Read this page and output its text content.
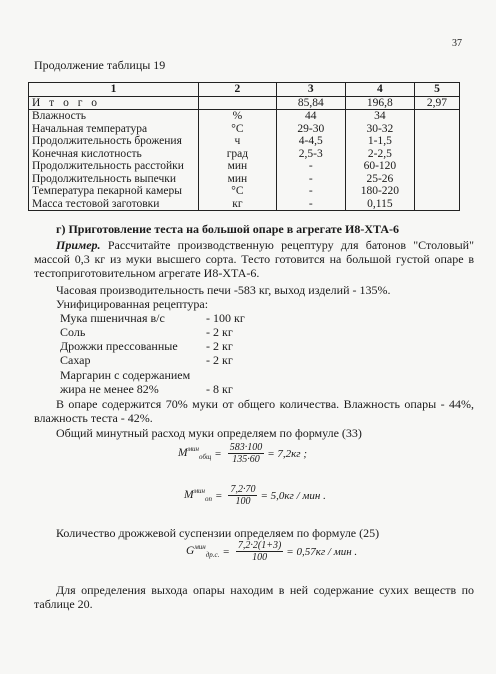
37
Продолжение таблицы 19
1	2	3	4	5
И т о г о		85,84	196,8	2,97
Влажность	%	44	34	
Начальная температура	°С	29-30	30-32	
Продолжительность брожения	ч	4-4,5	1-1,5	
Конечная кислотность	град	2,5-3	2-2,5	
Продолжительность расстойки	мин	-	60-120	
Продолжительность выпечки	мин	-	25-26	
Температура пекарной камеры	°С	-	180-220	
Масса тестовой заготовки	кг	-	0,115	
г) Приготовление теста на большой опаре в агрегате И8-ХТА-6
Пример. Рассчитайте производственную рецептуру для батонов "Столовый" массой 0,3 кг из муки высшего сорта. Тесто готовится на большой густой опаре в тестоприготовительном агрегате И8-ХТА-6.
Часовая производительность печи -583 кг, выход изделий - 135%.
Унифицированная рецептура:
Мука пшеничная в/с	- 100 кг
Соль	- 2 кг
Дрожжи прессованные - 2 кг
Сахар	- 2 кг
Маргарин с содержанием
жира не менее 82%	- 8 кг
В опаре содержится 70% муки от общего количества. Влажность опары - 44%, влажность теста - 42%.
Общий минутный расход муки определяем по формуле (33)
$M^{мин}_{общ} = \frac{583\cdot 100}{135\cdot 60} = 7,2кг$ ;
$M^{мин}_{оп} = \frac{7,2\cdot 70}{100} = 5,0кг$ / мин .
Количество дрожжевой суспензии определяем по формуле (25)
$G^{мин}_{др.с.} = \frac{7,2\cdot 2(1+3)}{100} = 0,57кг$ / мин .
Для определения выхода опары находим в ней содержание сухих веществ по таблице 20.
